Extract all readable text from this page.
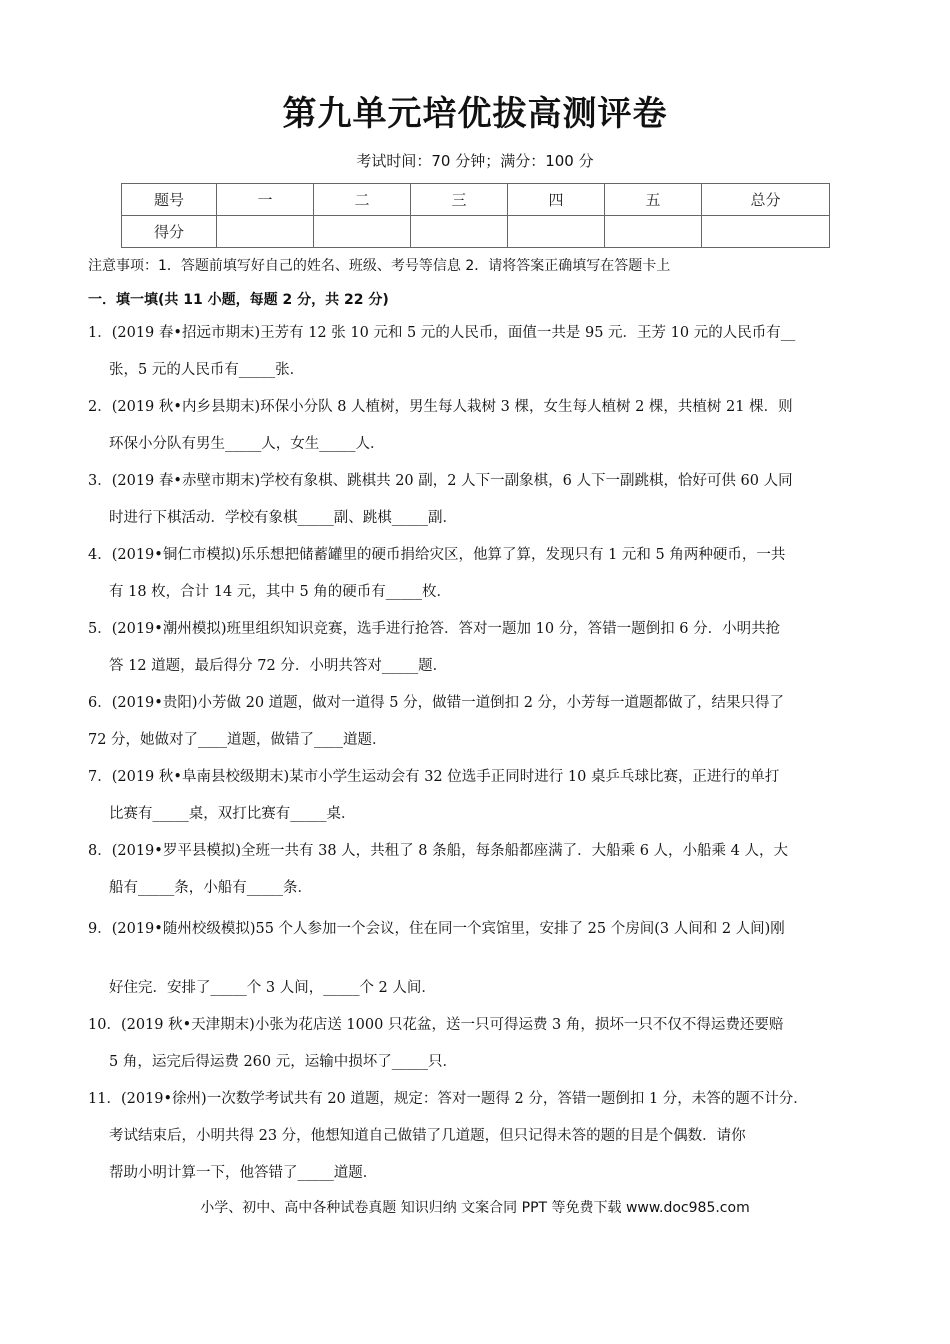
第九单元培优拔高测评卷
考试时间：70 分钟；满分：100 分
题号	一	二	三	四	五	总分
得分						
注意事项：1．答题前填写好自己的姓名、班级、考号等信息 2．请将答案正确填写在答题卡上
一．填一填(共 11 小题，每题 2 分，共 22 分)
1．(2019 春•招远市期末)王芳有 12 张 10 元和 5 元的人民币，面值一共是 95 元．王芳 10 元的人民币有__
张，5 元的人民币有_____张．
2．(2019 秋•内乡县期末)环保小分队 8 人植树，男生每人栽树 3 棵，女生每人植树 2 棵，共植树 21 棵．则
环保小分队有男生_____人，女生_____人．
3．(2019 春•赤壁市期末)学校有象棋、跳棋共 20 副，2 人下一副象棋，6 人下一副跳棋，恰好可供 60 人同
时进行下棋活动．学校有象棋_____副、跳棋_____副．
4．(2019•铜仁市模拟)乐乐想把储蓄罐里的硬币捐给灾区，他算了算，发现只有 1 元和 5 角两种硬币，一共
有 18 枚，合计 14 元，其中 5 角的硬币有_____枚．
5．(2019•潮州模拟)班里组织知识竞赛，选手进行抢答．答对一题加 10 分，答错一题倒扣 6 分．小明共抢
答 12 道题，最后得分 72 分．小明共答对_____题．
6．(2019•贵阳)小芳做 20 道题，做对一道得 5 分，做错一道倒扣 2 分，小芳每一道题都做了，结果只得了
72 分，她做对了____道题，做错了____道题．
7．(2019 秋•阜南县校级期末)某市小学生运动会有 32 位选手正同时进行 10 桌乒乓球比赛，正进行的单打
比赛有_____桌，双打比赛有_____桌．
8．(2019•罗平县模拟)全班一共有 38 人，共租了 8 条船，每条船都座满了．大船乘 6 人，小船乘 4 人，大
船有_____条，小船有_____条．
9．(2019•随州校级模拟)55 个人参加一个会议，住在同一个宾馆里，安排了 25 个房间(3 人间和 2 人间)刚
好住完．安排了_____个 3 人间，_____个 2 人间．
10．(2019 秋•天津期末)小张为花店送 1000 只花盆，送一只可得运费 3 角，损坏一只不仅不得运费还要赔
5 角，运完后得运费 260 元，运输中损坏了_____只．
11．(2019•徐州)一次数学考试共有 20 道题，规定：答对一题得 2 分，答错一题倒扣 1 分，未答的题不计分．
考试结束后，小明共得 23 分，他想知道自己做错了几道题，但只记得未答的题的目是个偶数．请你
帮助小明计算一下，他答错了_____道题．
小学、初中、高中各种试卷真题 知识归纳 文案合同 PPT 等免费下载 www.doc985.com
